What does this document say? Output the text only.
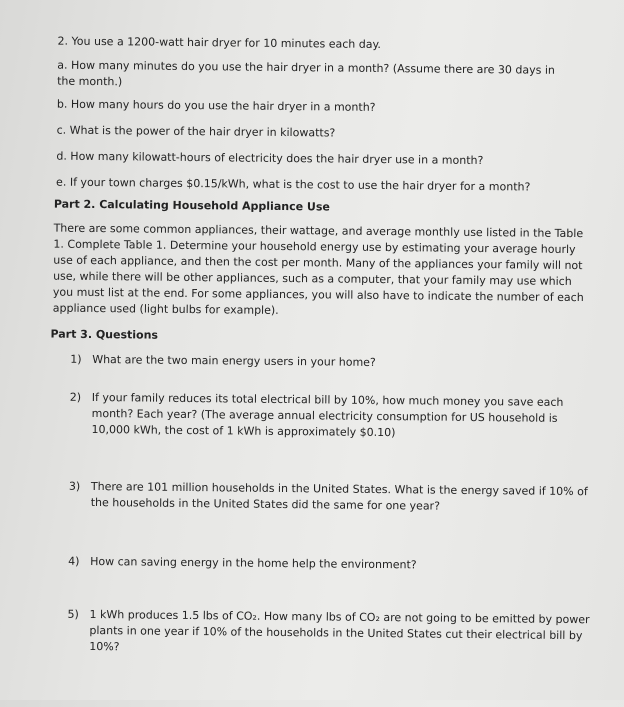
2. You use a 1200-watt hair dryer for 10 minutes each day.
a. How many minutes do you use the hair dryer in a month? (Assume there are 30 days in the month.)
b. How many hours do you use the hair dryer in a month?
c. What is the power of the hair dryer in kilowatts?
d. How many kilowatt-hours of electricity does the hair dryer use in a month?
e. If your town charges $0.15/kWh, what is the cost to use the hair dryer for a month?
Part 2. Calculating Household Appliance Use
There are some common appliances, their wattage, and average monthly use listed in the Table 1. Complete Table 1. Determine your household energy use by estimating your average hourly use of each appliance, and then the cost per month. Many of the appliances your family will not use, while there will be other appliances, such as a computer, that your family may use which you must list at the end. For some appliances, you will also have to indicate the number of each appliance used (light bulbs for example).
Part 3. Questions
1) What are the two main energy users in your home?
2) If your family reduces its total electrical bill by 10%, how much money you save each month? Each year? (The average annual electricity consumption for US household is 10,000 kWh, the cost of 1 kWh is approximately $0.10)
3) There are 101 million households in the United States. What is the energy saved if 10% of the households in the United States did the same for one year?
4) How can saving energy in the home help the environment?
5) 1 kWh produces 1.5 lbs of CO₂. How many lbs of CO₂ are not going to be emitted by power plants in one year if 10% of the households in the United States cut their electrical bill by 10%?
